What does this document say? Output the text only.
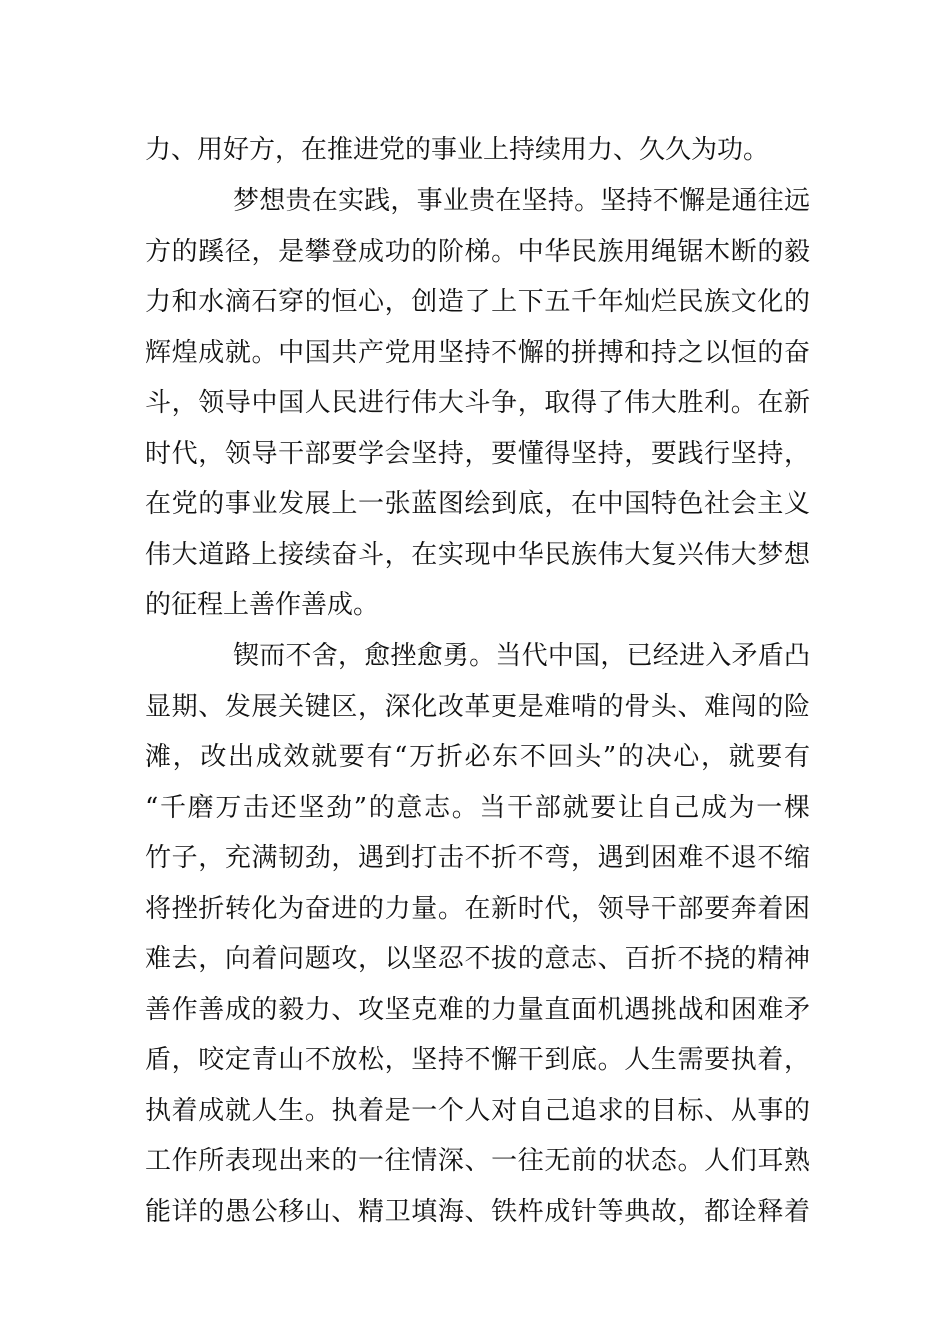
力、用好方，在推进党的事业上持续用力、久久为功。
梦想贵在实践，事业贵在坚持。坚持不懈是通往远
方的蹊径，是攀登成功的阶梯。中华民族用绳锯木断的毅
力和水滴石穿的恒心，创造了上下五千年灿烂民族文化的
辉煌成就。中国共产党用坚持不懈的拼搏和持之以恒的奋
斗，领导中国人民进行伟大斗争，取得了伟大胜利。在新
时代，领导干部要学会坚持，要懂得坚持，要践行坚持，
在党的事业发展上一张蓝图绘到底，在中国特色社会主义
伟大道路上接续奋斗，在实现中华民族伟大复兴伟大梦想
的征程上善作善成。
锲而不舍，愈挫愈勇。当代中国，已经进入矛盾凸
显期、发展关键区，深化改革更是难啃的骨头、难闯的险
滩，改出成效就要有“万折必东不回头”的决心，就要有
“千磨万击还坚劲”的意志。当干部就要让自己成为一棵
竹子，充满韧劲，遇到打击不折不弯，遇到困难不退不缩
将挫折转化为奋进的力量。在新时代，领导干部要奔着困
难去，向着问题攻，以坚忍不拔的意志、百折不挠的精神
善作善成的毅力、攻坚克难的力量直面机遇挑战和困难矛
盾，咬定青山不放松，坚持不懈干到底。人生需要执着，
执着成就人生。执着是一个人对自己追求的目标、从事的
工作所表现出来的一往情深、一往无前的状态。人们耳熟
能详的愚公移山、精卫填海、铁杵成针等典故，都诠释着
